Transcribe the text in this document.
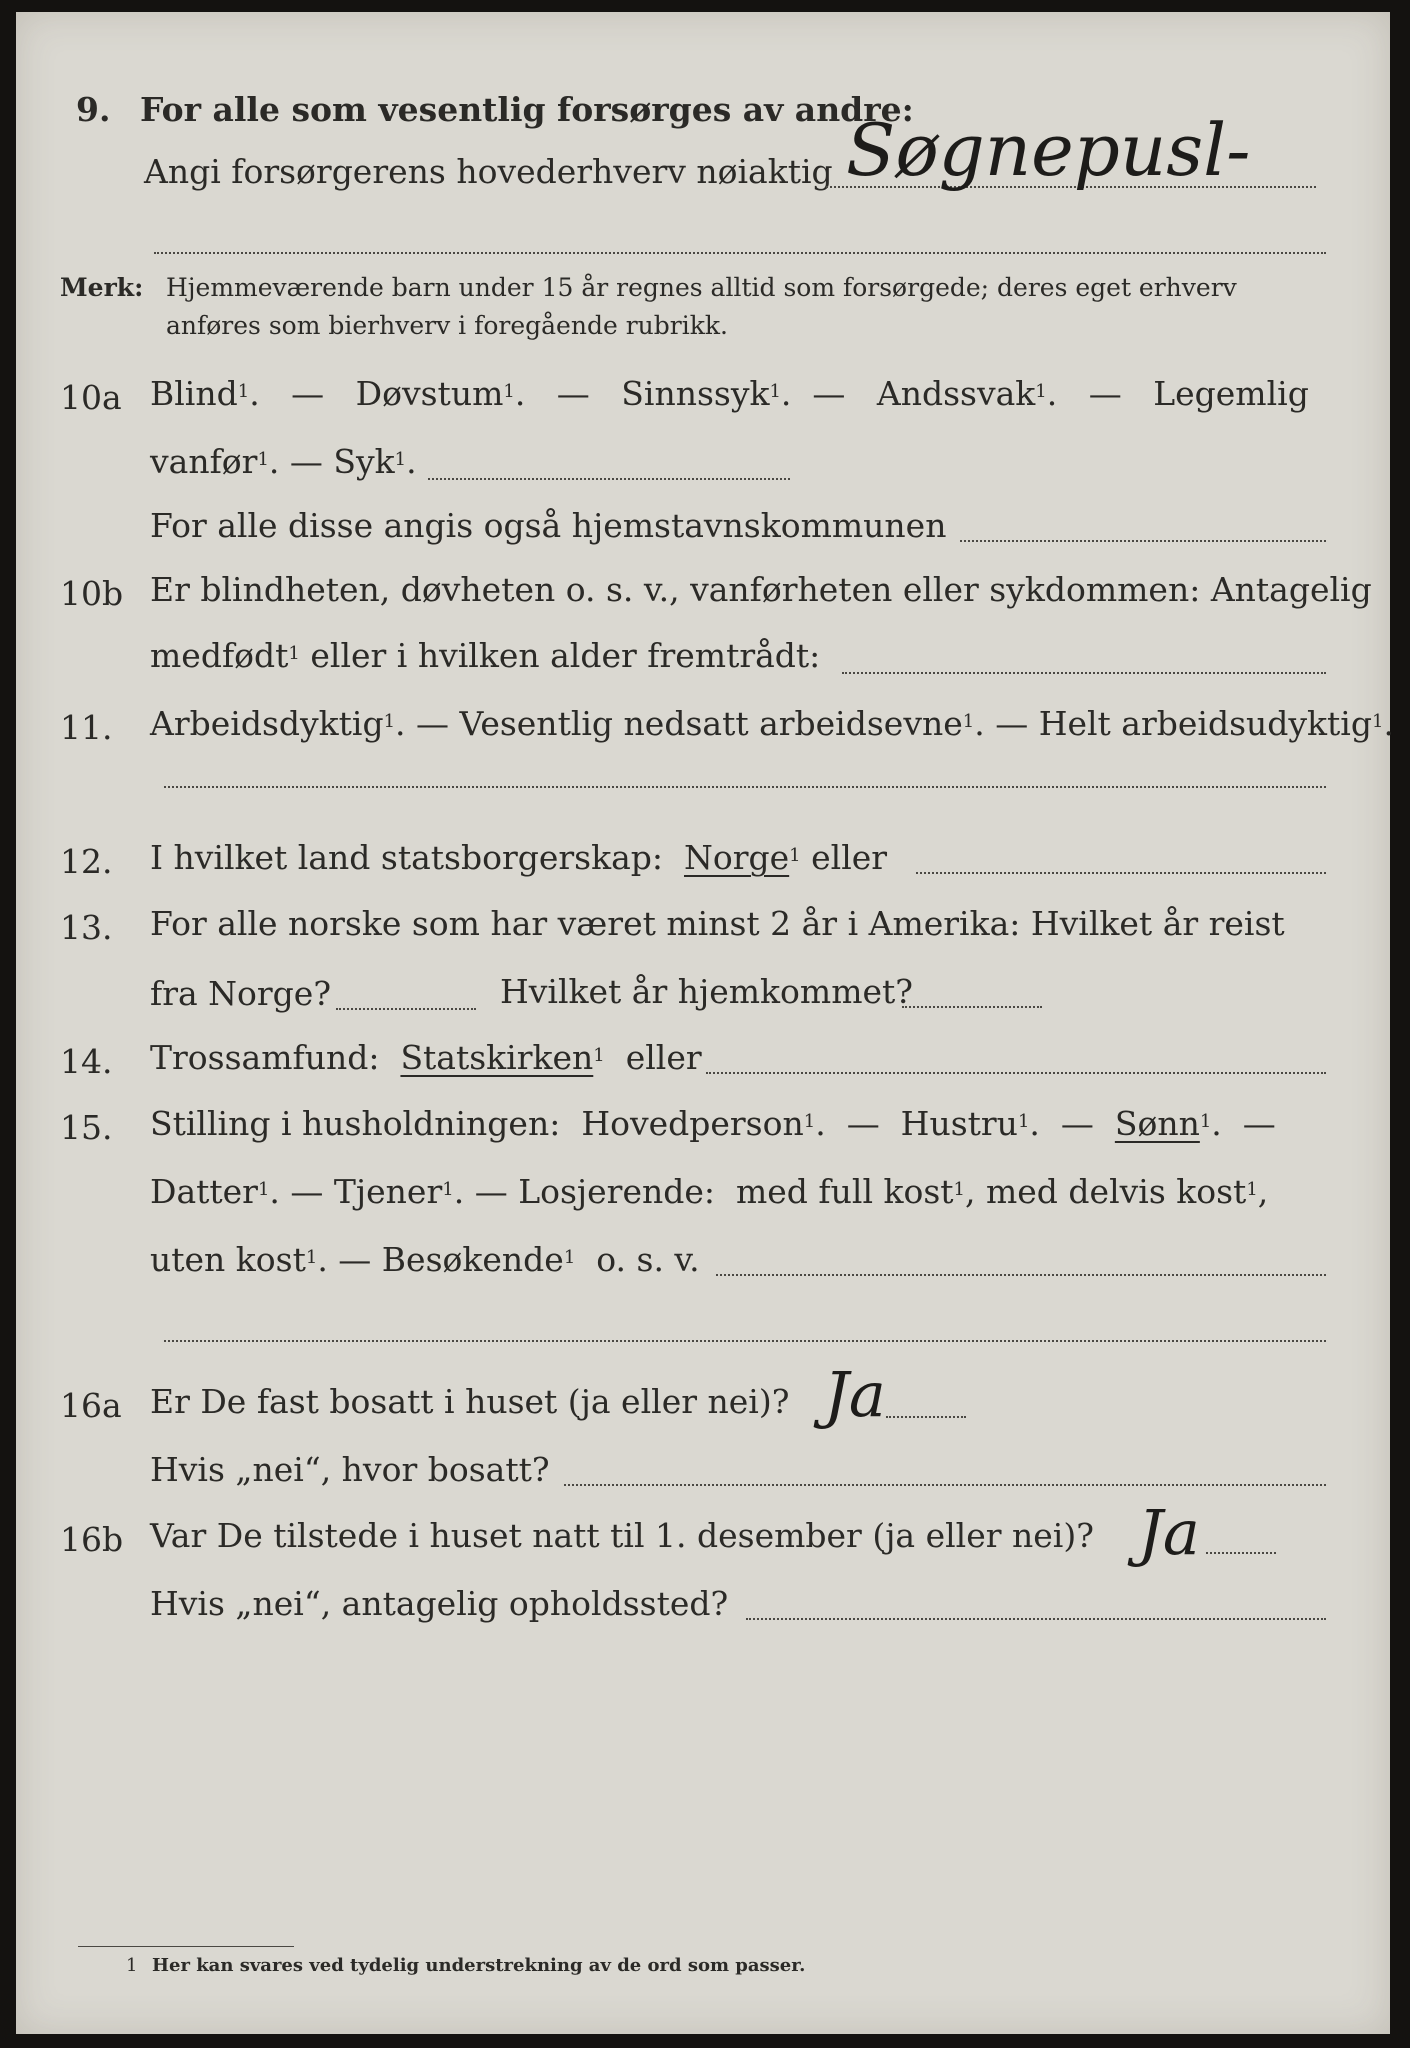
9. For alle som vesentlig forsørges av andre:
Angi forsørgerens hovederhverv nøiaktig Søgnepusl-
Merk: Hjemmeværende barn under 15 år regnes alltid som forsørgede; deres eget erhverv
anføres som bierhverv i foregående rubrikk.
10a Blind$^1$.   — Døvstum$^1$.   — Sinnssyk$^1$.  — Andssvak$^1$.   — Legemlig
vanfør$^1$. — Syk$^1$.
For alle disse angis også hjemstavnskommunen
10b Er blindheten, døvheten o. s. v., vanførheten eller sykdommen: Antagelig
medfødt$^1$ eller i hvilken alder fremtrådt:
11. Arbeidsdyktig$^1$. — Vesentlig nedsatt arbeidsevne$^1$. — Helt arbeidsudyktig$^1$.
12. I hvilket land statsborgerskap: Norge$^1$ eller
13. For alle norske som har været minst 2 år i Amerika: Hvilket år reist
fra Norge?	Hvilket år hjemkommet?
14. Trossamfund: Statskirken$^1$ eller
15. Stilling i husholdningen: Hovedperson$^1$.  — Hustru$^1$.  — Sønn$^1$.  —
Datter$^1$. — Tjener$^1$. — Losjerende: med full kost$^1$, med delvis kost$^1$,
uten kost$^1$. — Besøkende$^1$ o. s. v.
16a Er De fast bosatt i huset (ja eller nei)? Ja
Hvis „nei“, hvor bosatt?
16b Var De tilstede i huset natt til 1. desember (ja eller nei)? Ja
Hvis „nei“, antagelig opholdssted?
1 Her kan svares ved tydelig understrekning av de ord som passer.
